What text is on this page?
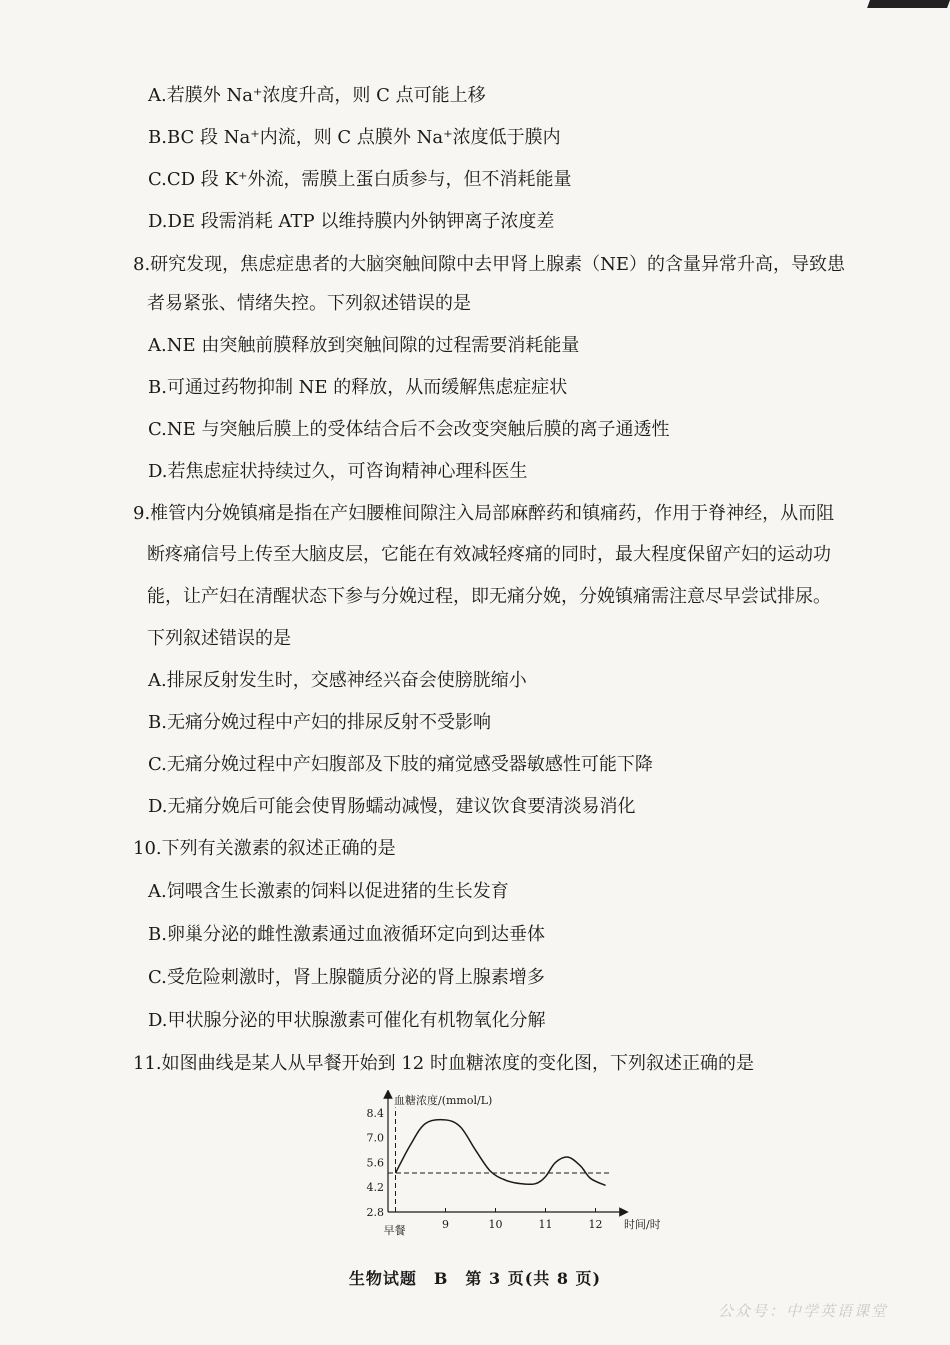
A.若膜外 Na⁺浓度升高，则 C 点可能上移
B.BC 段 Na⁺内流，则 C 点膜外 Na⁺浓度低于膜内
C.CD 段 K⁺外流，需膜上蛋白质参与，但不消耗能量
D.DE 段需消耗 ATP 以维持膜内外钠钾离子浓度差
8.研究发现，焦虑症患者的大脑突触间隙中去甲肾上腺素（NE）的含量异常升高，导致患
者易紧张、情绪失控。下列叙述错误的是
A.NE 由突触前膜释放到突触间隙的过程需要消耗能量
B.可通过药物抑制 NE 的释放，从而缓解焦虑症症状
C.NE 与突触后膜上的受体结合后不会改变突触后膜的离子通透性
D.若焦虑症状持续过久，可咨询精神心理科医生
9.椎管内分娩镇痛是指在产妇腰椎间隙注入局部麻醉药和镇痛药，作用于脊神经，从而阻
断疼痛信号上传至大脑皮层，它能在有效减轻疼痛的同时，最大程度保留产妇的运动功
能，让产妇在清醒状态下参与分娩过程，即无痛分娩，分娩镇痛需注意尽早尝试排尿。
下列叙述错误的是
A.排尿反射发生时，交感神经兴奋会使膀胱缩小
B.无痛分娩过程中产妇的排尿反射不受影响
C.无痛分娩过程中产妇腹部及下肢的痛觉感受器敏感性可能下降
D.无痛分娩后可能会使胃肠蠕动减慢，建议饮食要清淡易消化
10.下列有关激素的叙述正确的是
A.饲喂含生长激素的饲料以促进猪的生长发育
B.卵巢分泌的雌性激素通过血液循环定向到达垂体
C.受危险刺激时，肾上腺髓质分泌的肾上腺素增多
D.甲状腺分泌的甲状腺激素可催化有机物氧化分解
11.如图曲线是某人从早餐开始到 12 时血糖浓度的变化图，下列叙述正确的是
血糖浓度/(mmol/L)
时间/时
8.4
7.0
5.6
4.2
2.8
9	10	11	12
早餐
生物试题　B　第 3 页(共 8 页)
公众号：中学英语课堂
